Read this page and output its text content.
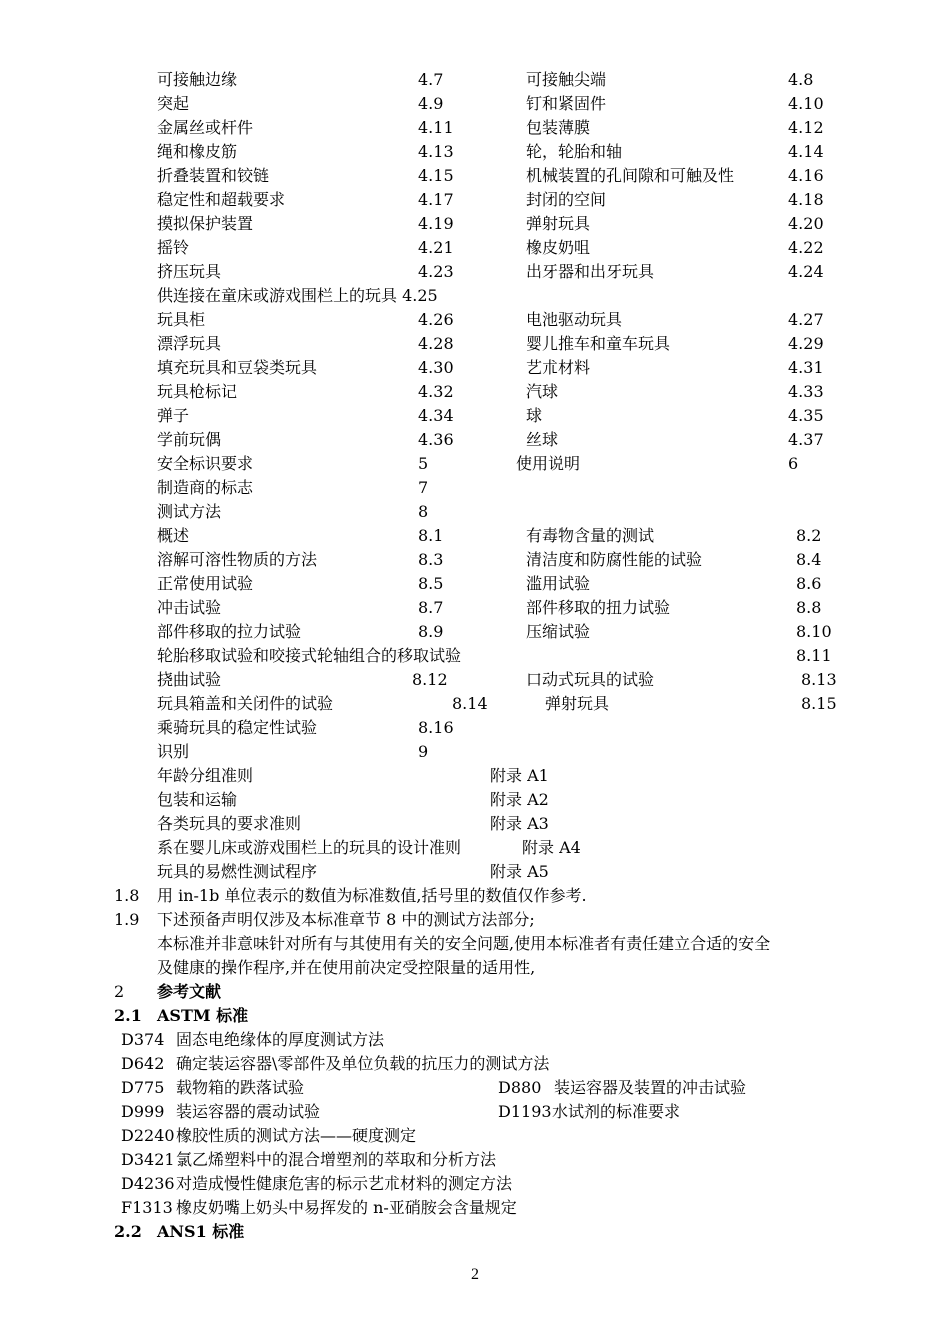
可接触边缘	4.7	可接触尖端	4.8
突起	4.9	钉和紧固件	4.10
金属丝或杆件	4.11	包装薄膜	4.12
绳和橡皮筋	4.13	轮，轮胎和轴	4.14
折叠装置和铰链	4.15	机械装置的孔间隙和可触及性	4.16
稳定性和超载要求	4.17	封闭的空间	4.18
摸拟保护装置	4.19	弹射玩具	4.20
摇铃	4.21	橡皮奶咀	4.22
挤压玩具	4.23	出牙器和出牙玩具	4.24
供连接在童床或游戏围栏上的玩具 4.25
玩具柜	4.26	电池驱动玩具	4.27
漂浮玩具	4.28	婴儿推车和童车玩具	4.29
填充玩具和豆袋类玩具	4.30	艺朮材料	4.31
玩具枪标记	4.32	汽球	4.33
弹子	4.34	球	4.35
学前玩偶	4.36	丝球	4.37
安全标识要求	5	使用说明	6
制造商的标志	7
测试方法	8
概述	8.1	有毒物含量的测试	8.2
溶解可溶性物质的方法	8.3	清洁度和防腐性能的试验	8.4
正常使用试验	8.5	滥用试验	8.6
冲击试验	8.7	部件移取的扭力试验	8.8
部件移取的拉力试验	8.9	压缩试验	8.10
轮胎移取试验和咬接式轮轴组合的移取试验	8.11
挠曲试验	8.12	口动式玩具的试验	8.13
玩具箱盖和关闭件的试验	8.14	弹射玩具	8.15
乘骑玩具的稳定性试验	8.16
识别	9
年龄分组准则	附录 A1
包装和运输	附录 A2
各类玩具的要求准则	附录 A3
系在婴儿床或游戏围栏上的玩具的设计准则	附录 A4
玩具的易燃性测试程序	附录 A5
1.8 用 in-1b 单位表示的数值为标准数值,括号里的数值仅作参考.
1.9 下述预备声明仅涉及本标准章节 8 中的测试方法部分;
本标准并非意味针对所有与其使用有关的安全问题,使用本标准者有责任建立合适的安全
及健康的操作程序,并在使用前决定受控限量的适用性,
2 参考文献
2.1 ASTM 标准
D374 固态电绝缘体的厚度测试方法
D642 确定装运容器\零部件及单位负载的抗压力的测试方法
D775 载物箱的跌落试验	D880 装运容器及装置的冲击试验
D999 装运容器的震动试验	D1193 水试剂的标准要求
D2240 橡胶性质的测试方法——硬度测定
D3421 氯乙烯塑料中的混合增塑剂的萃取和分析方法
D4236 对造成慢性健康危害的标示艺朮材料的测定方法
F1313 橡皮奶嘴上奶头中易挥发的 n-亚硝胺会含量规定
2.2 ANS1 标准
2
